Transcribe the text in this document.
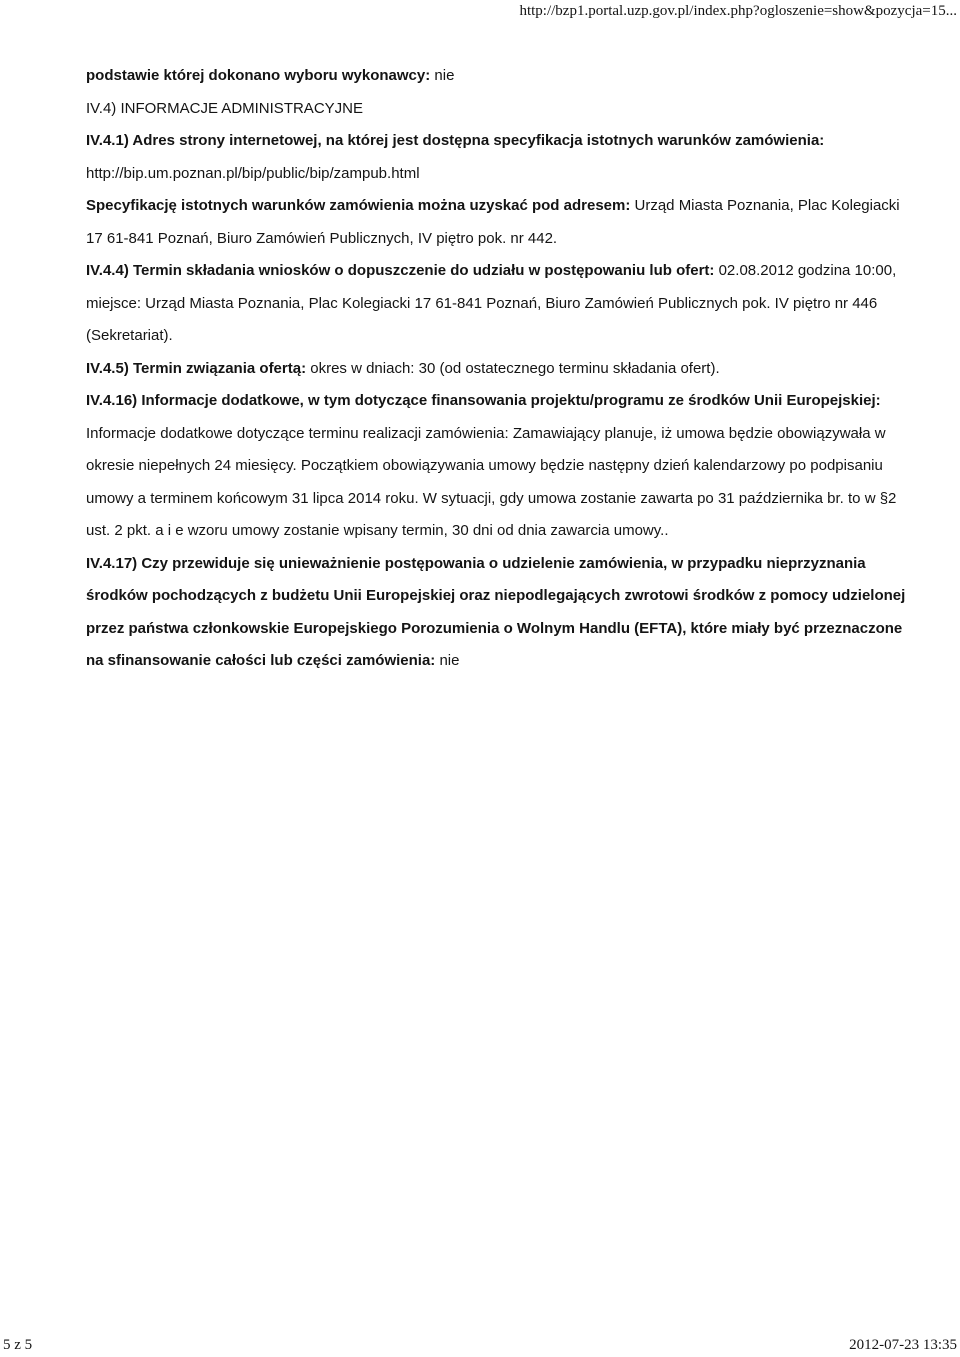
http://bzp1.portal.uzp.gov.pl/index.php?ogloszenie=show&pozycja=15...

podstawie której dokonano wyboru wykonawcy: nie

IV.4) INFORMACJE ADMINISTRACYJNE

IV.4.1) Adres strony internetowej, na której jest dostępna specyfikacja istotnych warunków zamówienia: http://bip.um.poznan.pl/bip/public/bip/zampub.html

Specyfikację istotnych warunków zamówienia można uzyskać pod adresem: Urząd Miasta Poznania, Plac Kolegiacki 17 61-841 Poznań, Biuro Zamówień Publicznych, IV piętro pok. nr 442.

IV.4.4) Termin składania wniosków o dopuszczenie do udziału w postępowaniu lub ofert: 02.08.2012 godzina 10:00, miejsce: Urząd Miasta Poznania, Plac Kolegiacki 17 61-841 Poznań, Biuro Zamówień Publicznych pok. IV piętro nr 446 (Sekretariat).

IV.4.5) Termin związania ofertą: okres w dniach: 30 (od ostatecznego terminu składania ofert).

IV.4.16) Informacje dodatkowe, w tym dotyczące finansowania projektu/programu ze środków Unii Europejskiej: Informacje dodatkowe dotyczące terminu realizacji zamówienia: Zamawiający planuje, iż umowa będzie obowiązywała w okresie niepełnych 24 miesięcy. Początkiem obowiązywania umowy będzie następny dzień kalendarzowy po podpisaniu umowy a terminem końcowym 31 lipca 2014 roku. W sytuacji, gdy umowa zostanie zawarta po 31 października br. to w §2 ust. 2 pkt. a i e wzoru umowy zostanie wpisany termin, 30 dni od dnia zawarcia umowy..

IV.4.17) Czy przewiduje się unieważnienie postępowania o udzielenie zamówienia, w przypadku nieprzyznania środków pochodzących z budżetu Unii Europejskiej oraz niepodlegających zwrotowi środków z pomocy udzielonej przez państwa członkowskie Europejskiego Porozumienia o Wolnym Handlu (EFTA), które miały być przeznaczone na sfinansowanie całości lub części zamówienia: nie

5 z 5	2012-07-23 13:35
